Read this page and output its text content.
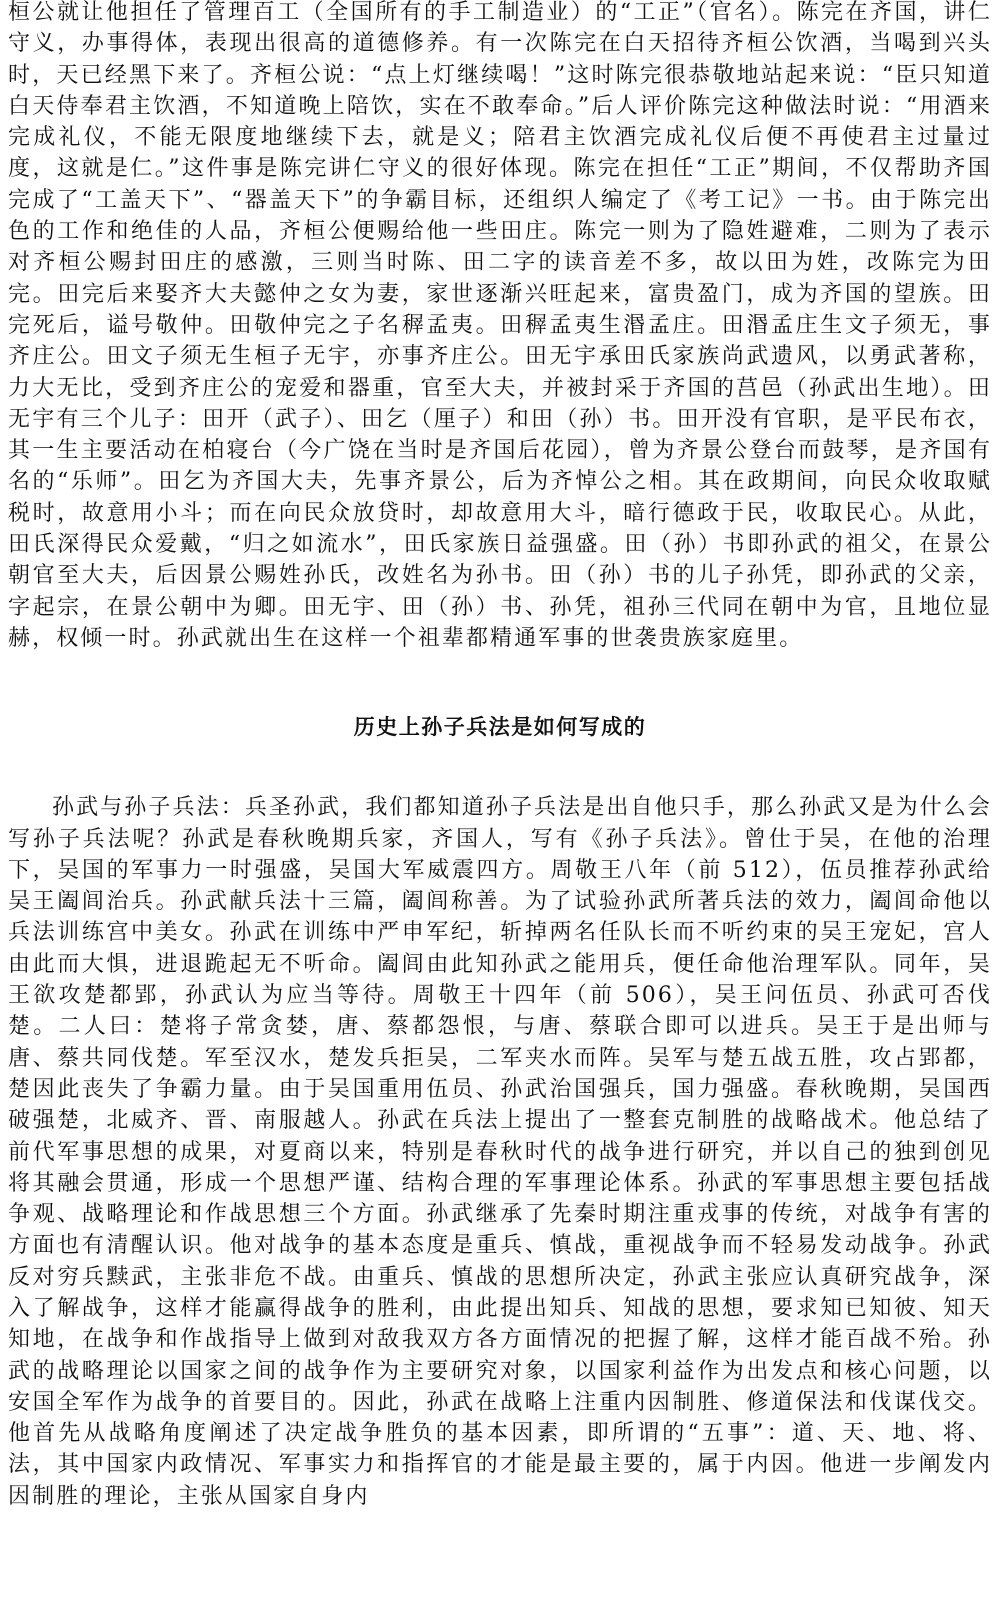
桓公就让他担任了管理百工（全国所有的手工制造业）的“工正”（官名）。陈完在齐国，讲仁守义，办事得体，表现出很高的道德修养。有一次陈完在白天招待齐桓公饮酒，当喝到兴头时，天已经黑下来了。齐桓公说：“点上灯继续喝！”这时陈完很恭敬地站起来说：“臣只知道白天侍奉君主饮酒，不知道晚上陪饮，实在不敢奉命。”后人评价陈完这种做法时说：“用酒来完成礼仪，不能无限度地继续下去，就是义；陪君主饮酒完成礼仪后便不再使君主过量过度，这就是仁。”这件事是陈完讲仁守义的很好体现。陈完在担任“工正”期间，不仅帮助齐国完成了“工盖天下”、“器盖天下”的争霸目标，还组织人编定了《考工记》一书。由于陈完出色的工作和绝佳的人品，齐桓公便赐给他一些田庄。陈完一则为了隐姓避难，二则为了表示对齐桓公赐封田庄的感激，三则当时陈、田二字的读音差不多，故以田为姓，改陈完为田完。田完后来娶齐大夫懿仲之女为妻，家世逐渐兴旺起来，富贵盈门，成为齐国的望族。田完死后，谥号敬仲。田敬仲完之子名稺孟夷。田稺孟夷生湣孟庄。田湣孟庄生文子须无，事齐庄公。田文子须无生桓子无宇，亦事齐庄公。田无宇承田氏家族尚武遗风，以勇武著称，力大无比，受到齐庄公的宠爱和器重，官至大夫，并被封采于齐国的莒邑（孙武出生地）。田无宇有三个儿子：田开（武子）、田乞（厘子）和田（孙）书。田开没有官职，是平民布衣，其一生主要活动在柏寝台（今广饶在当时是齐国后花园），曾为齐景公登台而鼓琴，是齐国有名的“乐师”。田乞为齐国大夫，先事齐景公，后为齐悼公之相。其在政期间，向民众收取赋税时，故意用小斗；而在向民众放贷时，却故意用大斗，暗行德政于民，收取民心。从此，田氏深得民众爱戴，“归之如流水”，田氏家族日益强盛。田（孙）书即孙武的祖父，在景公朝官至大夫，后因景公赐姓孙氏，改姓名为孙书。田（孙）书的儿子孙凭，即孙武的父亲，字起宗，在景公朝中为卿。田无宇、田（孙）书、孙凭，祖孙三代同在朝中为官，且地位显赫，权倾一时。孙武就出生在这样一个祖辈都精通军事的世袭贵族家庭里。

历史上孙子兵法是如何写成的

孙武与孙子兵法：兵圣孙武，我们都知道孙子兵法是出自他只手，那么孙武又是为什么会写孙子兵法呢？孙武是春秋晚期兵家，齐国人，写有《孙子兵法》。曾仕于吴，在他的治理下，吴国的军事力一时强盛，吴国大军威震四方。周敬王八年（前 512），伍员推荐孙武给吴王阖闾治兵。孙武献兵法十三篇，阖闾称善。为了试验孙武所著兵法的效力，阖闾命他以兵法训练宫中美女。孙武在训练中严申军纪，斩掉两名任队长而不听约束的吴王宠妃，宫人由此而大惧，进退跪起无不听命。阖闾由此知孙武之能用兵，便任命他治理军队。同年，吴王欲攻楚都郢，孙武认为应当等待。周敬王十四年（前 506），吴王问伍员、孙武可否伐楚。二人曰：楚将子常贪婪，唐、蔡都怨恨，与唐、蔡联合即可以进兵。吴王于是出师与唐、蔡共同伐楚。军至汉水，楚发兵拒吴，二军夹水而阵。吴军与楚五战五胜，攻占郢都，楚因此丧失了争霸力量。由于吴国重用伍员、孙武治国强兵，国力强盛。春秋晚期，吴国西破强楚，北威齐、晋、南服越人。孙武在兵法上提出了一整套克制胜的战略战术。他总结了前代军事思想的成果，对夏商以来，特别是春秋时代的战争进行研究，并以自己的独到创见将其融会贯通，形成一个思想严谨、结构合理的军事理论体系。孙武的军事思想主要包括战争观、战略理论和作战思想三个方面。孙武继承了先秦时期注重戎事的传统，对战争有害的方面也有清醒认识。他对战争的基本态度是重兵、慎战，重视战争而不轻易发动战争。孙武反对穷兵黩武，主张非危不战。由重兵、慎战的思想所决定，孙武主张应认真研究战争，深入了解战争，这样才能赢得战争的胜利，由此提出知兵、知战的思想，要求知已知彼、知天知地，在战争和作战指导上做到对敌我双方各方面情况的把握了解，这样才能百战不殆。孙武的战略理论以国家之间的战争作为主要研究对象，以国家利益作为出发点和核心问题，以安国全军作为战争的首要目的。因此，孙武在战略上注重内因制胜、修道保法和伐谋伐交。他首先从战略角度阐述了决定战争胜负的基本因素，即所谓的“五事”：道、天、地、将、法，其中国家内政情况、军事实力和指挥官的才能是最主要的，属于内因。他进一步阐发内因制胜的理论，主张从国家自身内
